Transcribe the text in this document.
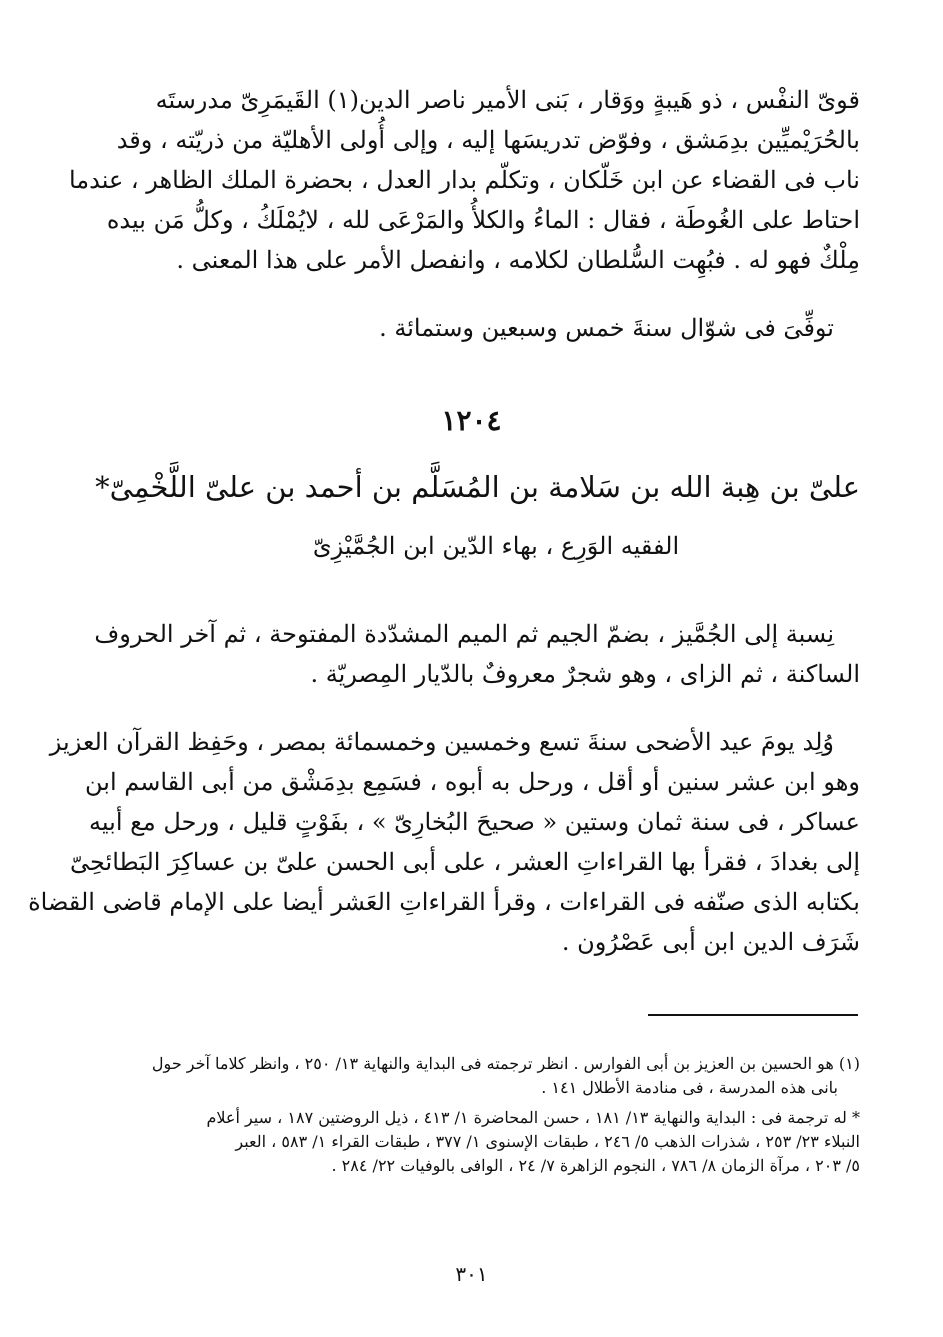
قوىّ النفْس ، ذو هَيبةٍ ووَقار ، بَنى الأمير ناصر الدين(١) القَيمَرِىّ مدرستَه
بالحُرَيْميِّين بدِمَشق ، وفوّض تدريسَها إليه ، وإلى أُولى الأهليّة من ذريّته ، وقد
ناب فى القضاء عن ابن خَلّكان ، وتكلّم بدار العدل ، بحضرة الملك الظاهر ، عندما
احتاط على الغُوطَة ، فقال : الماءُ والكلأُ والمَرْعَى لله ، لايُمْلَكُ ، وكلُّ مَن بيده
مِلْكٌ فهو له . فبُهِت السُّلطان لكلامه ، وانفصل الأمر على هذا المعنى .
توفِّىَ فى شوّال سنةَ خمس وسبعين وستمائة .
١٢٠٤
علىّ بن هِبة الله بن سَلامة بن المُسَلَّم بن أحمد بن علىّ اللَّخْمِىّ*
الفقيه الوَرِع ، بهاء الدّين ابن الجُمَّيْزِىّ
نِسبة إلى الجُمَّيز ، بضمّ الجيم ثم الميم المشدّدة المفتوحة ، ثم آخر الحروف
الساكنة ، ثم الزاى ، وهو شجرٌ معروفٌ بالدّيار المِصريّة .
وُلِد يومَ عيد الأضحى سنةَ تسع وخمسين وخمسمائة بمصر ، وحَفِظ القرآن العزيز
وهو ابن عشر سنين أو أقل ، ورحل به أبوه ، فسَمِع بدِمَشْق من أبى القاسم ابن
عساكر ، فى سنة ثمان وستين « صحيحَ البُخارِىّ » ، بفَوْتٍ قليل ، ورحل مع أبيه
إلى بغدادَ ، فقرأ بها القراءاتِ العشر ، على أبى الحسن علىّ بن عساكِرَ البَطائحِىّ
بكتابه الذى صنّفه فى القراءات ، وقرأ القراءاتِ العَشر أيضا على الإمام قاضى القضاة
شَرَف الدين ابن أبى عَصْرُون .
(١) هو الحسين بن العزيز بن أبى الفوارس . انظر ترجمته فى البداية والنهاية ١٣/ ٢٥٠ ، وانظر كلاما آخر حول
بانى هذه المدرسة ، فى منادمة الأطلال ١٤١ .
* له ترجمة فى : البداية والنهاية ١٣/ ١٨١ ، حسن المحاضرة ١/ ٤١٣ ، ذيل الروضتين ١٨٧ ، سير أعلام
النبلاء ٢٣/ ٢٥٣ ، شذرات الذهب ٥/ ٢٤٦ ، طبقات الإسنوى ١/ ٣٧٧ ، طبقات القراء ١/ ٥٨٣ ، العبر
٥/ ٢٠٣ ، مرآة الزمان ٨/ ٧٨٦ ، النجوم الزاهرة ٧/ ٢٤ ، الوافى بالوفيات ٢٢/ ٢٨٤ .
٣٠١
